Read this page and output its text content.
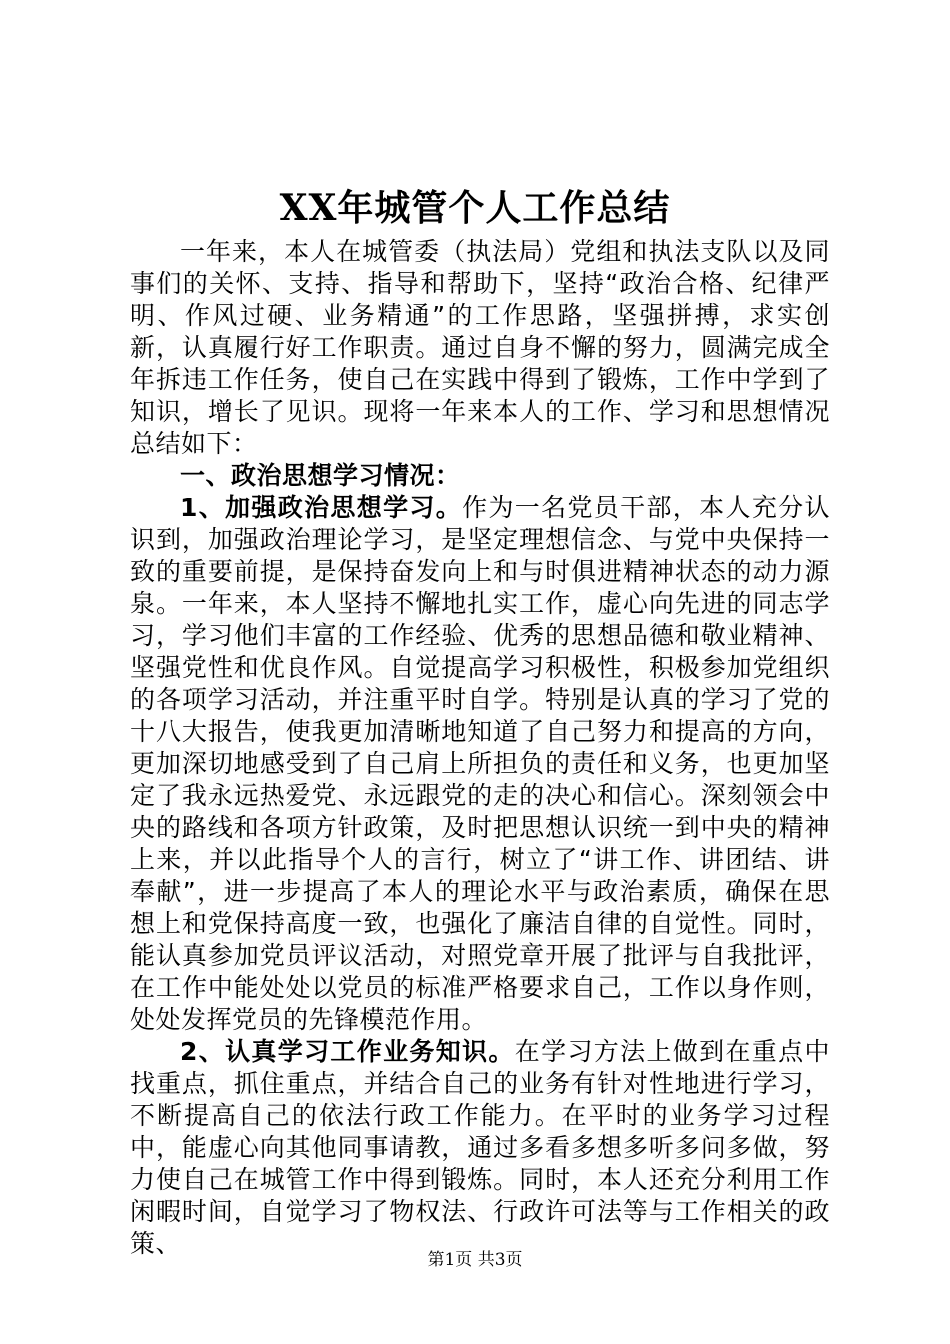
XX年城管个人工作总结

一年来，本人在城管委（执法局）党组和执法支队以及同事们的关怀、支持、指导和帮助下，坚持“政治合格、纪律严明、作风过硬、业务精通”的工作思路，坚强拼搏，求实创新，认真履行好工作职责。通过自身不懈的努力，圆满完成全年拆违工作任务，使自己在实践中得到了锻炼，工作中学到了知识，增长了见识。现将一年来本人的工作、学习和思想情况总结如下：

一、政治思想学习情况：

1、加强政治思想学习。作为一名党员干部，本人充分认识到，加强政治理论学习，是坚定理想信念、与党中央保持一致的重要前提，是保持奋发向上和与时俱进精神状态的动力源泉。一年来，本人坚持不懈地扎实工作，虚心向先进的同志学习，学习他们丰富的工作经验、优秀的思想品德和敬业精神、坚强党性和优良作风。自觉提高学习积极性，积极参加党组织的各项学习活动，并注重平时自学。特别是认真的学习了党的十八大报告，使我更加清晰地知道了自己努力和提高的方向，更加深切地感受到了自己肩上所担负的责任和义务，也更加坚定了我永远热爱党、永远跟党的走的决心和信心。深刻领会中央的路线和各项方针政策，及时把思想认识统一到中央的精神上来，并以此指导个人的言行，树立了“讲工作、讲团结、讲奉献”，进一步提高了本人的理论水平与政治素质，确保在思想上和党保持高度一致，也强化了廉洁自律的自觉性。同时，能认真参加党员评议活动，对照党章开展了批评与自我批评，在工作中能处处以党员的标准严格要求自己，工作以身作则，处处发挥党员的先锋模范作用。

2、认真学习工作业务知识。在学习方法上做到在重点中找重点，抓住重点，并结合自己的业务有针对性地进行学习，不断提高自己的依法行政工作能力。在平时的业务学习过程中，能虚心向其他同事请教，通过多看多想多听多问多做，努力使自己在城管工作中得到锻炼。同时，本人还充分利用工作闲暇时间，自觉学习了物权法、行政许可法等与工作相关的政策、

第1页 共3页
